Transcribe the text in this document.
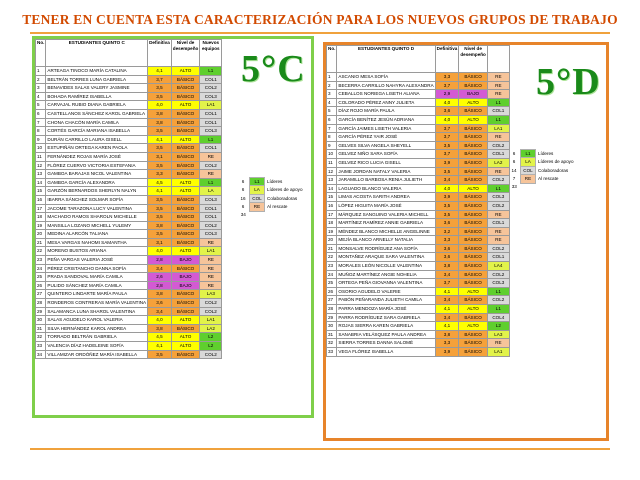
TENER EN CUENTA ESTA CARACTERIZACIÓN PARA LOS NUEVOS GRUPOS DE TRABAJO
No.	ESTUDIANTES QUINTO C	Definitiva	Nivel de desempeño	Nuevos equipos
1	ARTEAGA TINOCO MARÍA CATALINA	4,1	ALTO	L1
2	BELTRÁN TORRES LUNA GABRIELA	3,7	BÁSICO	COL1
3	BENAVIDES SALAS VALERY JASMINE	3,5	BÁSICO	COL2
4	BOHADA RAMÍREZ ISABELLA	3,5	BÁSICO	COL3
5	CARVAJAL RUBIO DIANA GABRIELA	4,0	ALTO	LA1
6	CASTELLANOS SÁNCHEZ KAROL GABRIELA	3,8	BÁSICO	COL1
7	CHONA CHACÓN MARÍA CAMILA	3,8	BÁSICO	COL1
8	CORTÉS GARCÍA MARIANA ISABELLA	3,5	BÁSICO	COL3
9	DURÁN CARRILLO LAURA GISELL	4,1	ALTO	L1
10	ESTUPIÑÁN ORTEGA KAREN PAOLA	3,5	BÁSICO	COL1
11	FERNÁNDEZ ROJAS MARÍA JOSÉ	3,1	BÁSICO	RE
12	FLÓREZ CUERVO VICTORIA ESTEFANIA	3,5	BÁSICO	COL2
13	GAMBOA BARAJAS NICOL VALENTINA	3,3	BÁSICO	RE
14	GAMBOA GARCÍA ALEXANDRA	4,5	ALTO	L1
15	GARZÓN BERNARDOS SHERLYN NALYN	4,1	ALTO	LA
16	IBARRA SÁNCHEZ SOLMAR SOFÍA	3,5	BÁSICO	COL3
17	JACOME TARAZONA LUCY VALENTINA	3,5	BÁSICO	COL1
18	MACHADO RAMOS SHAROLN MICHELLE	3,5	BÁSICO	COL1
19	MANSILLA LOZANO MICHELL YULEMY	3,8	BÁSICO	COL2
20	MEDINA ALARCÓN TALIANA	3,5	BÁSICO	COL3
21	MESA VARGAS NAHOMI SAMANTHA	3,1	BÁSICO	RE
22	MORENO BUSTOS ARIANA	4,0	ALTO	LA1
23	PEÑA VARGAS VALERIA JOSÉ	2,8	BAJO	RE
24	PÉREZ CRISTANCHO DANNA SOFÍA	3,4	BÁSICO	RE
25	PRADA SANDOVAL MARÍA CAMILA	2,6	BAJO	RE
26	PULIDO SÁNCHEZ MARÍA CAMILA	2,8	BAJO	RE
27	QUINTERO LINDARTE MARÍA PAULA	3,8	BÁSICO	LA3
28	RONDEROS CONTRERAS MARÍA VALENTINA	3,6	BÁSICO	COL2
29	SALAMANCA LUNA SHAROL VALENTINA	3,4	BÁSICO	COL2
30	SALAS AGUDELO KAROL VALERIA	4,0	ALTO	LA1
31	SILVA HERNÁNDEZ KAROL ANDREA	3,8	BÁSICO	LA2
32	TORRADO BELTRÁN GABRIELA	4,5	ALTO	L2
33	VALENCIA DÍAZ HADELEINE SOFÍA	4,1	ALTO	L2
34	VILLAMIZAR ORDÓÑEZ MARÍA ISABELLA	3,5	BÁSICO	COL2
5°C
6	L1	Líderes
6	LA	Líderes de apoyo
16	COL	Colaboradoras
6	RE	Al rescate
34		
No.	ESTUDIANTES QUINTO D	Definitiva	Nivel de desempeño	
1	ASCANIO MESA SOFÍA	3,3	BÁSICO	RE
2	BECERRA CARRILLO NAHYRA ALEXANDRA	3,7	BÁSICO	RE
3	CEBALLOS NORIEGA LISETH ALIANA	2,9	BAJO	RE
4	COLORADO PÉREZ ANNY JULIETA	4,0	ALTO	L1
5	DÍAZ ROJO MARÍA PAULA	3,6	BÁSICO	COL1
6	GARCÍA BENÍTEZ JESÚN ADRIANA	4,0	ALTO	L1
7	GARCÍA JAIMES LISETH VALERIA	3,7	BÁSICO	LA1
8	GARCÍA PÉREZ YAIR JOSÉ	3,7	BÁSICO	RE
9	GELVES SILVA ANGELA SHEYELL	3,5	BÁSICO	COL2
10	GELVEZ NIÑO SARA SOFÍA	3,7	BÁSICO	COL1
11	GELVEZ RICO LUCIA GISELL	3,9	BÁSICO	LA2
12	JAIME JORDAN NATALY VALERIA	3,5	BÁSICO	RE
13	JARAMILLO BARBOSA RENIA JULIETH	3,4	BÁSICO	COL2
14	LAGUADO BLANCO VALERIA	4,0	ALTO	L1
15	LIMAS ACOSTA SARITH ANDREA	3,9	BÁSICO	COL3
16	LÓPEZ HIGUITA MARÍA JOSÉ	3,5	BÁSICO	COL2
17	MÁRQUEZ SANGUINO VALERIA MICHELL	3,5	BÁSICO	RE
18	MARTÍNEZ RAMÍREZ ANNIE GABRIELA	3,6	BÁSICO	COL1
19	MÉNDEZ BLANCO MICHELLE ANGELINNE	3,2	BÁSICO	RE
20	MEJÍA BLANCO ARNELLY NATALIA	3,3	BÁSICO	RE
21	MONSALVE RODRÍGUEZ ANA SOFÍA	3,6	BÁSICO	COL2
22	MONTAÑEZ ARAQUE SARA VALENTINA	3,6	BÁSICO	COL1
23	MORALES LEÓN NICOLLE VALENTINA	3,8	BÁSICO	LA4
24	MUÑOZ MARTÍNEZ ANGIE NOHELIA	3,4	BÁSICO	COL2
25	ORTEGA PEÑA GIOVANNA VALENTINA	3,7	BÁSICO	COL3
26	OSORIO AGUDELO VALERIE	4,1	ALTO	L1
27	PABÓN PEÑARANDA JULIETH CAMILA	3,4	BÁSICO	COL2
28	PARRA MENDOZA MARÍA JOSÉ	4,1	ALTO	L1
29	PARRA RODRÍGUEZ SARA GABRIELA	3,4	BÁSICO	COL4
30	ROJAS SIERRA KAREN GABRIELA	4,1	ALTO	L2
31	SANABRIA VELÁSQUEZ PAULA ANDREA	3,8	BÁSICO	LA3
32	SIERRA TORRES DANNA SALOMÉ	3,3	BÁSICO	RE
33	VEGA FLÓREZ ISABELLA	3,9	BÁSICO	LA1
5°D
6	L1	Líderes
6	LA	Líderes de apoyo
14	COL	Colaboradoras
7	RE	Al rescate
33		
